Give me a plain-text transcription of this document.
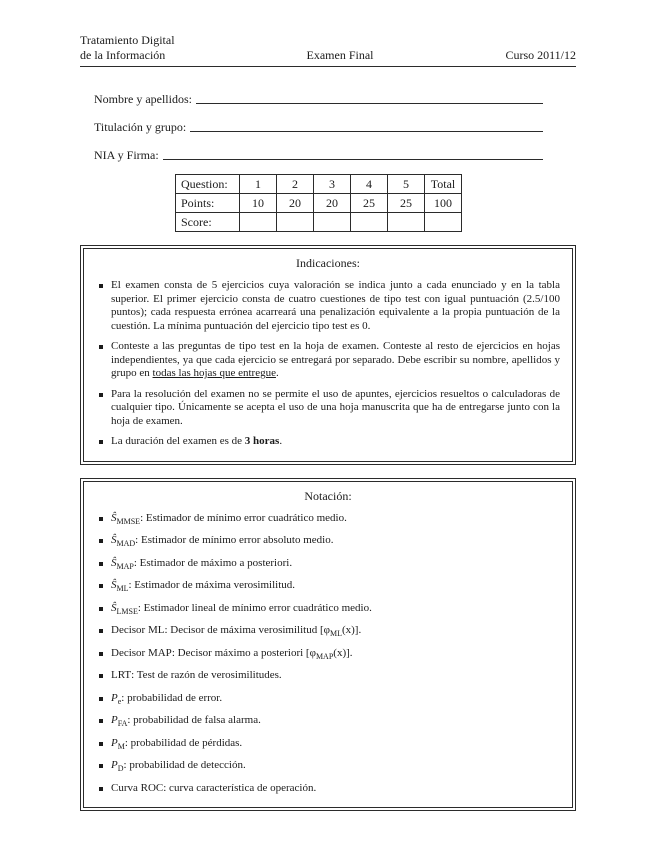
Tratamiento Digital
de la Información	Examen Final	Curso 2011/12
Nombre y apellidos:
Titulación y grupo:
NIA y Firma:
Question:	1	2	3	4	5	Total
Points:	10	20	20	25	25	100
Score:						
Indicaciones:
El examen consta de 5 ejercicios cuya valoración se indica junto a cada enunciado y en la tabla superior. El primer ejercicio consta de cuatro cuestiones de tipo test con igual puntuación (2.5/100 puntos); cada respuesta errónea acarreará una penalización equivalente a la propia puntuación de la cuestión. La mínima puntuación del ejercicio tipo test es 0.
Conteste a las preguntas de tipo test en la hoja de examen. Conteste al resto de ejercicios en hojas independientes, ya que cada ejercicio se entregará por separado. Debe escribir su nombre, apellidos y grupo en todas las hojas que entregue.
Para la resolución del examen no se permite el uso de apuntes, ejercicios resueltos o calculadoras de cualquier tipo. Únicamente se acepta el uso de una hoja manuscrita que ha de entregarse junto con la hoja de examen.
La duración del examen es de 3 horas.
Notación:
$Ŝ_{MMSE}$: Estimador de mínimo error cuadrático medio.
$Ŝ_{MAD}$: Estimador de mínimo error absoluto medio.
$Ŝ_{MAP}$: Estimador de máximo a posteriori.
$Ŝ_{ML}$: Estimador de máxima verosimilitud.
$Ŝ_{LMSE}$: Estimador lineal de mínimo error cuadrático medio.
Decisor ML: Decisor de máxima verosimilitud $[\varphi_{ML}(x)]$.
Decisor MAP: Decisor máximo a posteriori $[\varphi_{MAP}(x)]$.
LRT: Test de razón de verosimilitudes.
$P_e$: probabilidad de error.
$P_{FA}$: probabilidad de falsa alarma.
$P_M$: probabilidad de pérdidas.
$P_D$: probabilidad de detección.
Curva ROC: curva característica de operación.
